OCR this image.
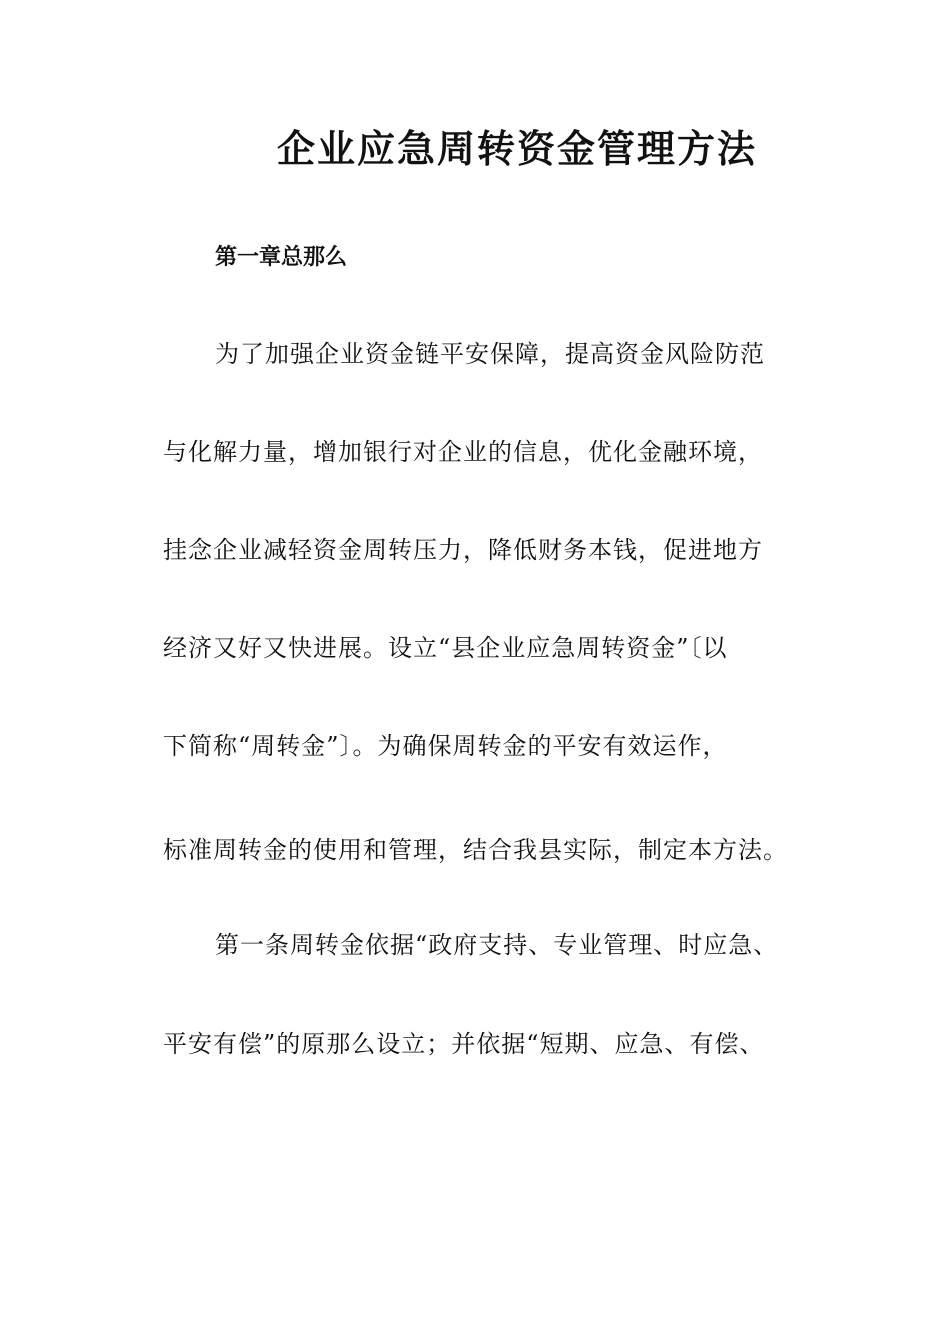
企业应急周转资金管理方法
第一章总那么
为了加强企业资金链平安保障，提高资金风险防范
与化解力量，增加银行对企业的信息，优化金融环境，
挂念企业减轻资金周转压力，降低财务本钱，促进地方
经济又好又快进展。设立“县企业应急周转资金”〔以
下简称“周转金”〕。为确保周转金的平安有效运作，
标准周转金的使用和管理，结合我县实际，制定本方法。
第一条周转金依据“政府支持、专业管理、时应急、
平安有偿”的原那么设立；并依据“短期、应急、有偿、
